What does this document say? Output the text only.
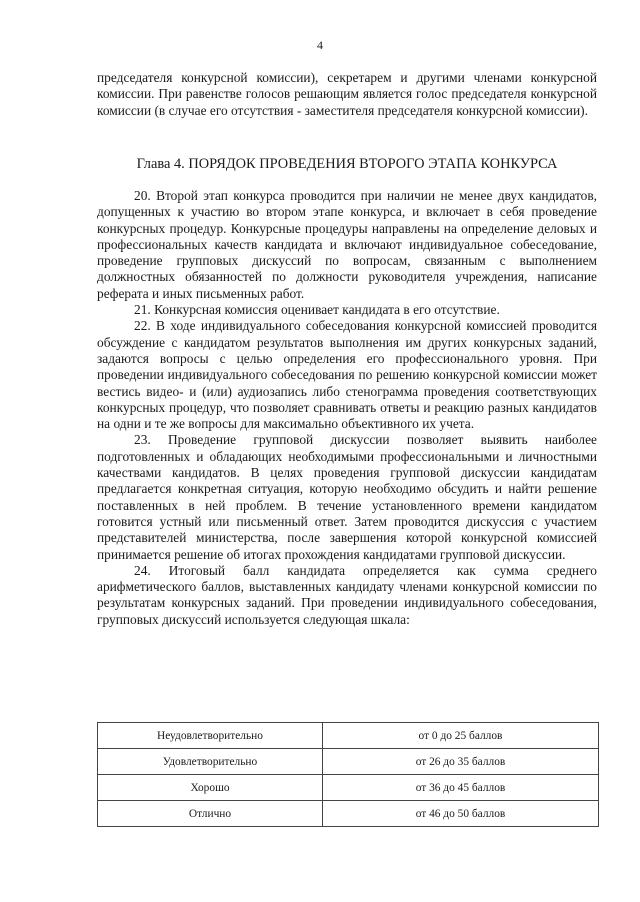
4

председателя конкурсной комиссии), секретарем и другими членами конкурсной комиссии. При равенстве голосов решающим является голос председателя конкурсной комиссии (в случае его отсутствия - заместителя председателя конкурсной комиссии).

Глава 4. ПОРЯДОК ПРОВЕДЕНИЯ ВТОРОГО ЭТАПА КОНКУРСА

20. Второй этап конкурса проводится при наличии не менее двух кандидатов, допущенных к участию во втором этапе конкурса, и включает в себя проведение конкурсных процедур. Конкурсные процедуры направлены на определение деловых и профессиональных качеств кандидата и включают индивидуальное собеседование, проведение групповых дискуссий по вопросам, связанным с выполнением должностных обязанностей по должности руководителя учреждения, написание реферата и иных письменных работ.

21. Конкурсная комиссия оценивает кандидата в его отсутствие.

22. В ходе индивидуального собеседования конкурсной комиссией проводится обсуждение с кандидатом результатов выполнения им других конкурсных заданий, задаются вопросы с целью определения его профессионального уровня. При проведении индивидуального собеседования по решению конкурсной комиссии может вестись видео- и (или) аудиозапись либо стенограмма проведения соответствующих конкурсных процедур, что позволяет сравнивать ответы и реакцию разных кандидатов на одни и те же вопросы для максимально объективного их учета.

23. Проведение групповой дискуссии позволяет выявить наиболее подготовленных и обладающих необходимыми профессиональными и личностными качествами кандидатов. В целях проведения групповой дискуссии кандидатам предлагается конкретная ситуация, которую необходимо обсудить и найти решение поставленных в ней проблем. В течение установленного времени кандидатом готовится устный или письменный ответ. Затем проводится дискуссия с участием представителей министерства, после завершения которой конкурсной комиссией принимается решение об итогах прохождения кандидатами групповой дискуссии.

24. Итоговый балл кандидата определяется как сумма среднего арифметического баллов, выставленных кандидату членами конкурсной комиссии по результатам конкурсных заданий. При проведении индивидуального собеседования, групповых дискуссий используется следующая шкала:

Неудовлетворительно	от 0 до 25 баллов
Удовлетворительно	от 26 до 35 баллов
Хорошо	от 36 до 45 баллов
Отлично	от 46 до 50 баллов
